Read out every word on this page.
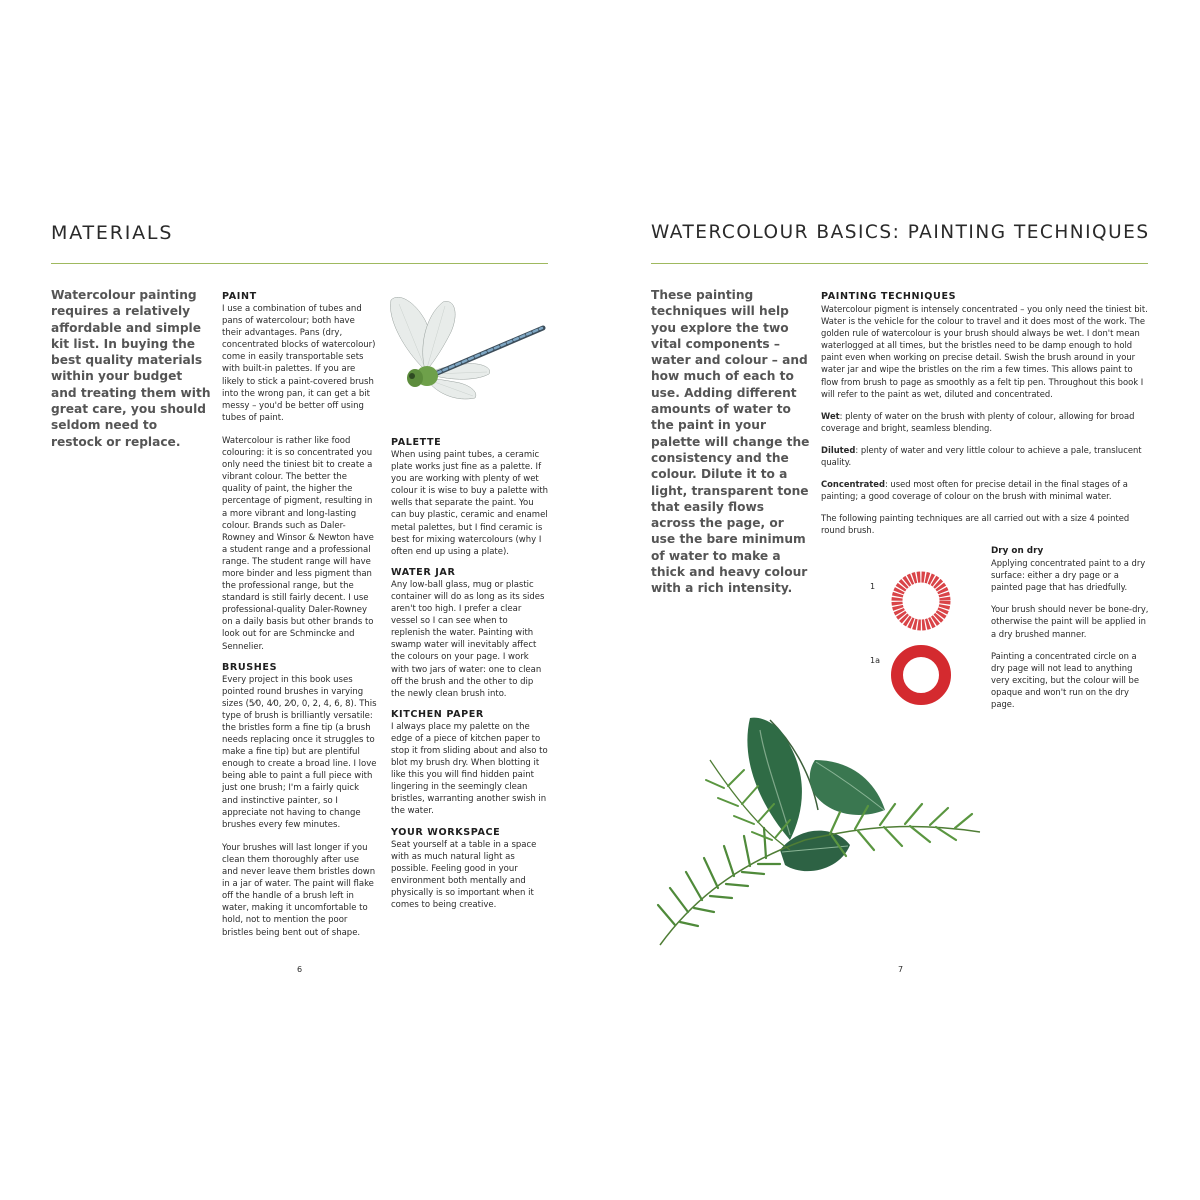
MATERIALS

Watercolour painting requires a relatively affordable and simple kit list. In buying the best quality materials within your budget and treating them with great care, you should seldom need to restock or replace.

PAINT

I use a combination of tubes and pans of watercolour; both have their advantages. Pans (dry, concentrated blocks of watercolour) come in easily transportable sets with built-in palettes. If you are likely to stick a paint-covered brush into the wrong pan, it can get a bit messy – you'd be better off using tubes of paint.

Watercolour is rather like food colouring: it is so concentrated you only need the tiniest bit to create a vibrant colour. The better the quality of paint, the higher the percentage of pigment, resulting in a more vibrant and long-lasting colour. Brands such as Daler-Rowney and Winsor & Newton have a student range and a professional range. The student range will have more binder and less pigment than the professional range, but the standard is still fairly decent. I use professional-quality Daler-Rowney on a daily basis but other brands to look out for are Schmincke and Sennelier.

BRUSHES

Every project in this book uses pointed round brushes in varying sizes (5⁄0, 4⁄0, 2⁄0, 0, 2, 4, 6, 8). This type of brush is brilliantly versatile: the bristles form a fine tip (a brush needs replacing once it struggles to make a fine tip) but are plentiful enough to create a broad line. I love being able to paint a full piece with just one brush; I'm a fairly quick and instinctive painter, so I appreciate not having to change brushes every few minutes.

Your brushes will last longer if you clean them thoroughly after use and never leave them bristles down in a jar of water. The paint will flake off the handle of a brush left in water, making it uncomfortable to hold, not to mention the poor bristles being bent out of shape.

PALETTE

When using paint tubes, a ceramic plate works just fine as a palette. If you are working with plenty of wet colour it is wise to buy a palette with wells that separate the paint. You can buy plastic, ceramic and enamel metal palettes, but I find ceramic is best for mixing watercolours (why I often end up using a plate).

WATER JAR

Any low-ball glass, mug or plastic container will do as long as its sides aren't too high. I prefer a clear vessel so I can see when to replenish the water. Painting with swamp water will inevitably affect the colours on your page. I work with two jars of water: one to clean off the brush and the other to dip the newly clean brush into.

KITCHEN PAPER

I always place my palette on the edge of a piece of kitchen paper to stop it from sliding about and also to blot my brush dry. When blotting it like this you will find hidden paint lingering in the seemingly clean bristles, warranting another swish in the water.

YOUR WORKSPACE

Seat yourself at a table in a space with as much natural light as possible. Feeling good in your environment both mentally and physically is so important when it comes to being creative.

6
WATERCOLOUR BASICS: PAINTING TECHNIQUES

These painting techniques will help you explore the two vital components – water and colour – and how much of each to use. Adding different amounts of water to the paint in your palette will change the consistency and the colour. Dilute it to a light, transparent tone that easily flows across the page, or use the bare minimum of water to make a thick and heavy colour with a rich intensity.

PAINTING TECHNIQUES

Watercolour pigment is intensely concentrated – you only need the tiniest bit. Water is the vehicle for the colour to travel and it does most of the work. The golden rule of watercolour is your brush should always be wet. I don't mean waterlogged at all times, but the bristles need to be damp enough to hold paint even when working on precise detail. Swish the brush around in your water jar and wipe the bristles on the rim a few times. This allows paint to flow from brush to page as smoothly as a felt tip pen. Throughout this book I will refer to the paint as wet, diluted and concentrated.

Wet: plenty of water on the brush with plenty of colour, allowing for broad coverage and bright, seamless blending.

Diluted: plenty of water and very little colour to achieve a pale, translucent quality.

Concentrated: used most often for precise detail in the final stages of a painting; a good coverage of colour on the brush with minimal water.

The following painting techniques are all carried out with a size 4 pointed round brush.

1
1a
Dry on dry

Applying concentrated paint to a dry surface: either a dry page or a painted page that has driedfully.

Your brush should never be bone-dry, otherwise the paint will be applied in a dry brushed manner.

Painting a concentrated circle on a dry page will not lead to anything very exciting, but the colour will be opaque and won't run on the dry page.

7
